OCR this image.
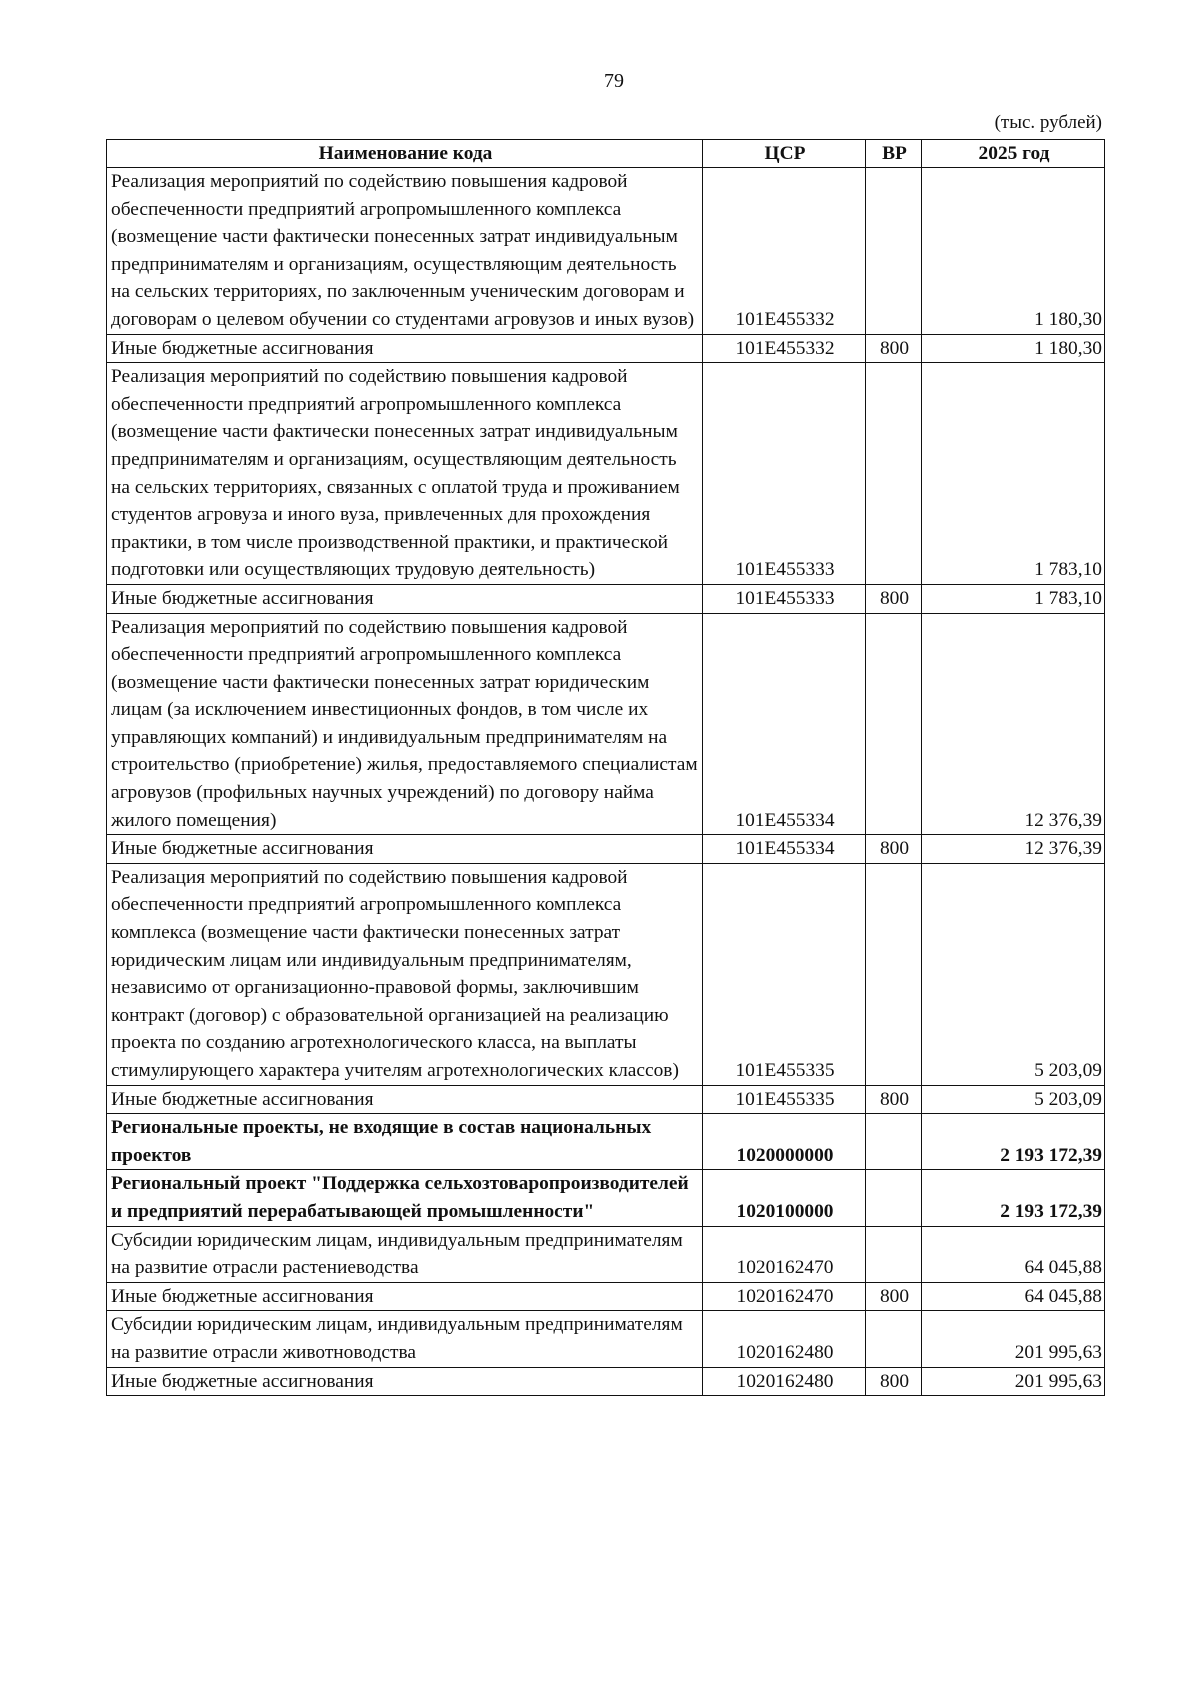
79
(тыс. рублей)
Наименование кода	ЦСР	ВР	2025 год
Реализация мероприятий по содействию повышения кадровой обеспеченности предприятий агропромышленного комплекса (возмещение части фактически понесенных затрат индивидуальным предпринимателям и организациям, осуществляющим деятельность на сельских территориях, по заключенным ученическим договорам и договорам о целевом обучении со студентами агровузов и иных вузов)	101E455332		1 180,30
Иные бюджетные ассигнования	101E455332	800	1 180,30
Реализация мероприятий по содействию повышения кадровой обеспеченности предприятий агропромышленного комплекса (возмещение части фактически понесенных затрат индивидуальным предпринимателям и организациям, осуществляющим деятельность на сельских территориях, связанных с оплатой труда и проживанием студентов агровуза и иного вуза, привлеченных для прохождения практики, в том числе производственной практики, и практической подготовки или осуществляющих трудовую деятельность)	101E455333		1 783,10
Иные бюджетные ассигнования	101E455333	800	1 783,10
Реализация мероприятий по содействию повышения кадровой обеспеченности предприятий агропромышленного комплекса (возмещение части фактически понесенных затрат юридическим лицам (за исключением инвестиционных фондов, в том числе их управляющих компаний) и индивидуальным предпринимателям на строительство (приобретение) жилья, предоставляемого специалистам агровузов (профильных научных учреждений) по договору найма жилого помещения)	101E455334		12 376,39
Иные бюджетные ассигнования	101E455334	800	12 376,39
Реализация мероприятий по содействию повышения кадровой обеспеченности предприятий агропромышленного комплекса комплекса (возмещение части фактически понесенных затрат юридическим лицам или индивидуальным предпринимателям, независимо от организационно-правовой формы, заключившим контракт (договор) с образовательной организацией на реализацию проекта по созданию агротехнологического класса, на выплаты стимулирующего характера учителям агротехнологических классов)	101E455335		5 203,09
Иные бюджетные ассигнования	101E455335	800	5 203,09
Региональные проекты, не входящие в состав национальных проектов	1020000000		2 193 172,39
Региональный проект "Поддержка сельхозтоваропроизводителей и предприятий перерабатывающей промышленности"	1020100000		2 193 172,39
Субсидии юридическим лицам, индивидуальным предпринимателям на развитие отрасли растениеводства	1020162470		64 045,88
Иные бюджетные ассигнования	1020162470	800	64 045,88
Субсидии юридическим лицам, индивидуальным предпринимателям на развитие отрасли животноводства	1020162480		201 995,63
Иные бюджетные ассигнования	1020162480	800	201 995,63
